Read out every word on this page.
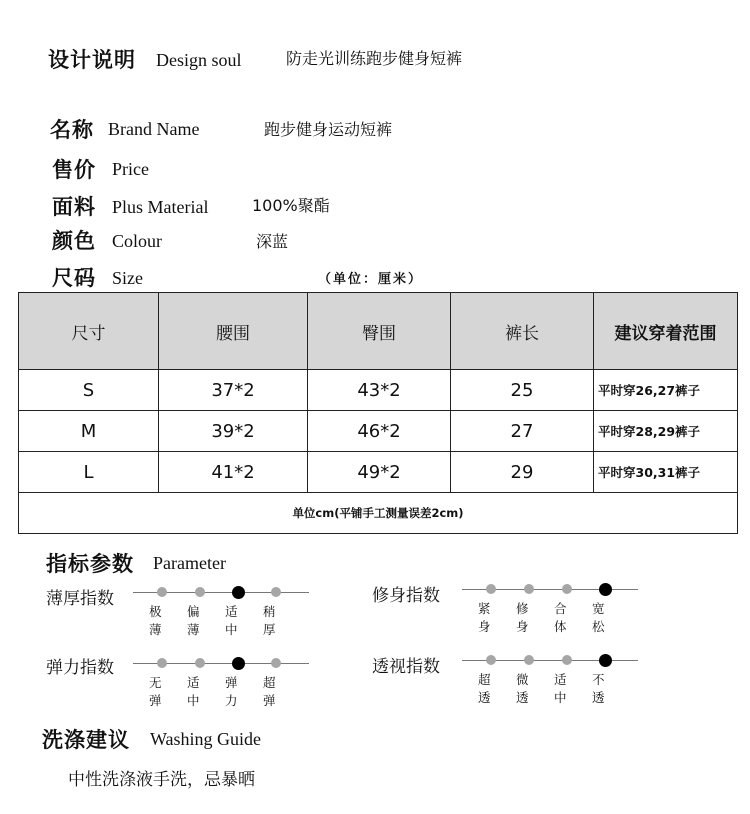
设计说明 Design soul	防走光训练跑步健身短裤
名称 Brand Name	跑步健身运动短裤
售价 Price
面料 Plus Material	100%聚酯
颜色 Colour	深蓝
尺码 Size	（单位：厘米）
尺寸	腰围	臀围	裤长	建议穿着范围
S	37*2	43*2	25	平时穿26,27裤子
M	39*2	46*2	27	平时穿28,29裤子
L	41*2	49*2	29	平时穿30,31裤子
单位cm(平铺手工测量误差2cm)				
指标参数 Parameter
薄厚指数
极薄
偏薄
适中
稍厚
修身指数
紧身
修身
合体
宽松
弹力指数
无弹
适中
弹力
超弹
透视指数
超透
微透
适中
不透
洗涤建议 Washing Guide
中性洗涤液手洗，忌暴晒
